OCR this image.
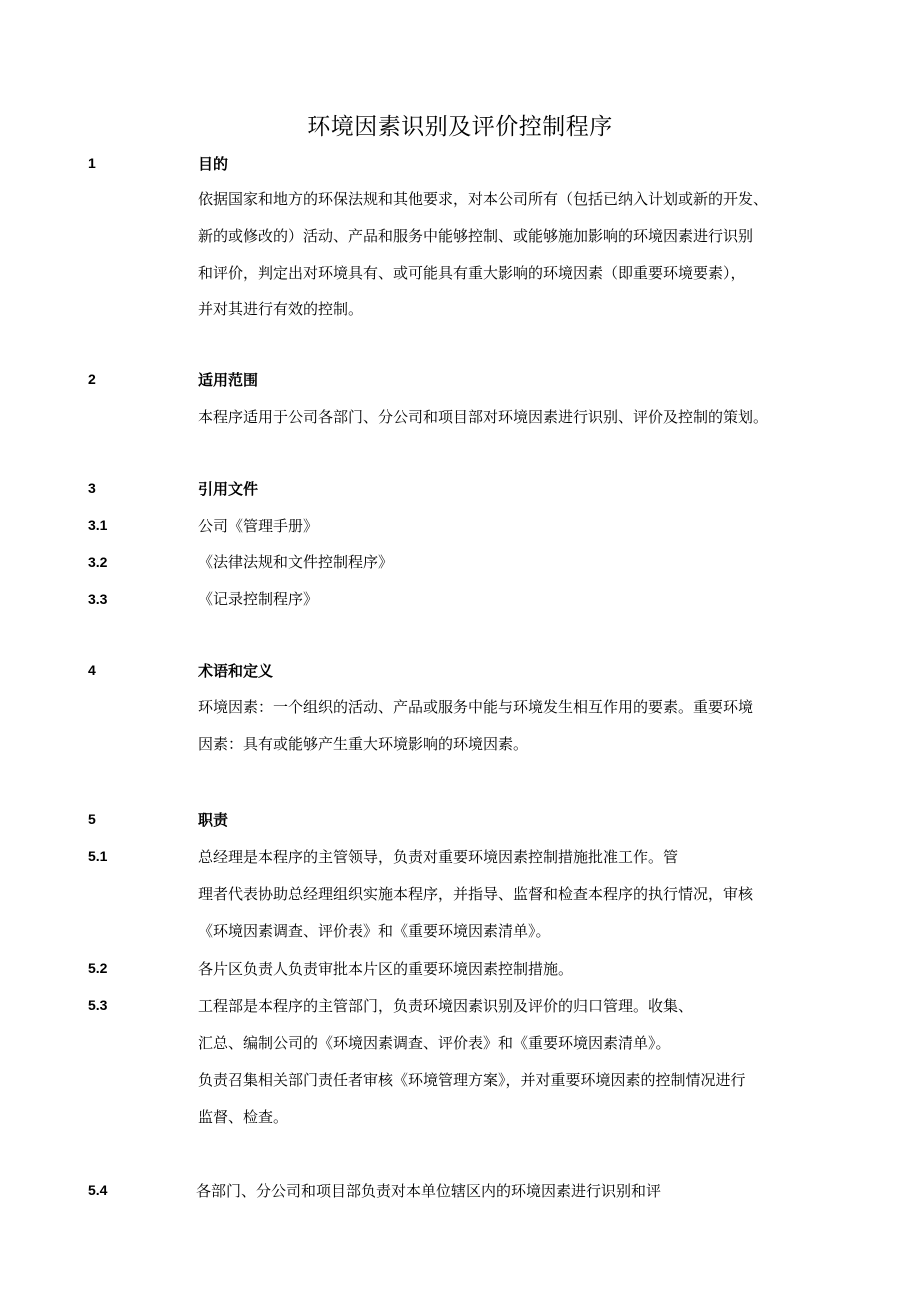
环境因素识别及评价控制程序
1	目的
依据国家和地方的环保法规和其他要求，对本公司所有（包括已纳入计划或新的开发、
新的或修改的）活动、产品和服务中能够控制、或能够施加影响的环境因素进行识别
和评价，判定出对环境具有、或可能具有重大影响的环境因素（即重要环境要素），
并对其进行有效的控制。
2	适用范围
本程序适用于公司各部门、分公司和项目部对环境因素进行识别、评价及控制的策划。
3	引用文件
3.1	公司《管理手册》
3.2	《法律法规和文件控制程序》
3.3	《记录控制程序》
4	术语和定义
环境因素：一个组织的活动、产品或服务中能与环境发生相互作用的要素。重要环境
因素：具有或能够产生重大环境影响的环境因素。
5	职责
5.1	总经理是本程序的主管领导，负责对重要环境因素控制措施批准工作。管
理者代表协助总经理组织实施本程序，并指导、监督和检查本程序的执行情况，审核
《环境因素调查、评价表》和《重要环境因素清单》。
5.2	各片区负责人负责审批本片区的重要环境因素控制措施。
5.3	工程部是本程序的主管部门，负责环境因素识别及评价的归口管理。收集、
汇总、编制公司的《环境因素调查、评价表》和《重要环境因素清单》。
负责召集相关部门责任者审核《环境管理方案》，并对重要环境因素的控制情况进行
监督、检查。
5.4	各部门、分公司和项目部负责对本单位辖区内的环境因素进行识别和评
